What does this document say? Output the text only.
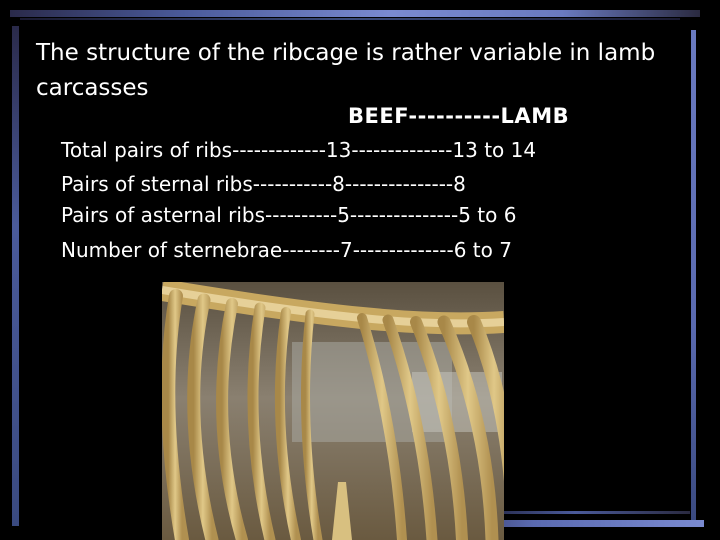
The structure of the ribcage is rather variable in lamb carcasses
BEEF----------LAMB
Total pairs of ribs-------------13--------------13 to 14
Pairs of sternal ribs-----------8---------------8
Pairs of asternal ribs----------5---------------5 to 6
Number of sternebrae--------7--------------6 to 7
